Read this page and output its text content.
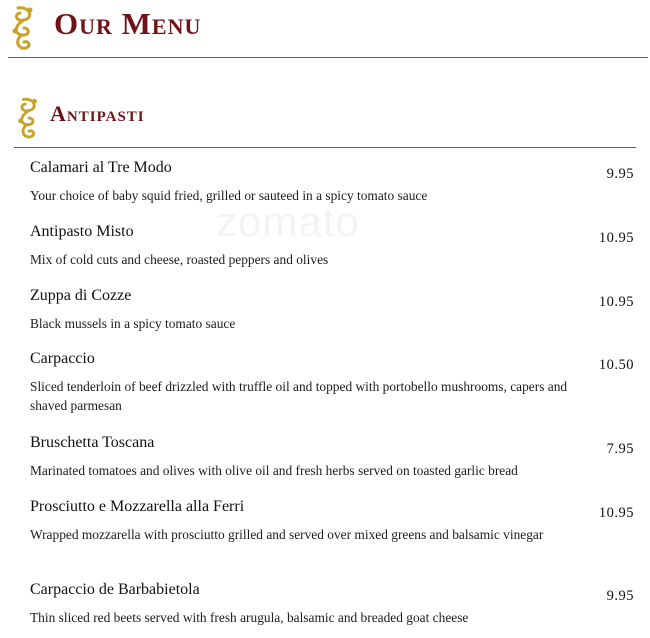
Our Menu
Antipasti
zomato
Calamari al Tre Modo
Your choice of baby squid fried, grilled or sauteed in a spicy tomato sauce
9.95
Antipasto Misto
Mix of cold cuts and cheese, roasted peppers and olives
10.95
Zuppa di Cozze
Black mussels in a spicy tomato sauce
10.95
Carpaccio
Sliced tenderloin of beef drizzled with truffle oil and topped with portobello mushrooms, capers and shaved parmesan
10.50
Bruschetta Toscana
Marinated tomatoes and olives with olive oil and fresh herbs served on toasted garlic bread
7.95
Prosciutto e Mozzarella alla Ferri
Wrapped mozzarella with prosciutto grilled and served over mixed greens and balsamic vinegar
10.95
Carpaccio de Barbabietola
Thin sliced red beets served with fresh arugula, balsamic and breaded goat cheese
9.95
